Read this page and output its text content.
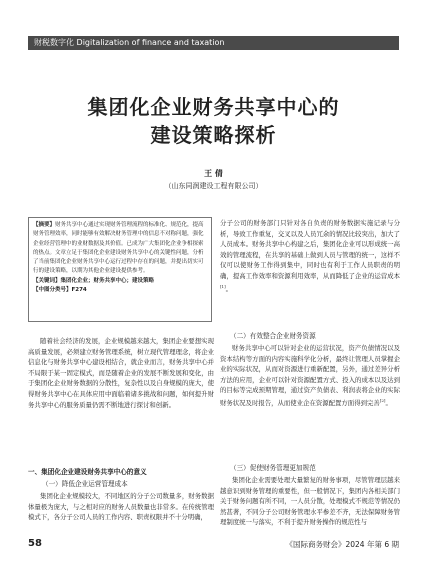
财税数字化 Digitalization of finance and taxation
集团化企业财务共享中心的
建设策略探析
王 倩
（山东同润建设工程有限公司）
【摘要】财务共享中心通过实现财务管理流程的标准化、规范化，提高财务管理效率，同时能够有效解决财务管理中的信息不对称问题，强化企业经营管理中的业财数据及其价值。已成为广大集团化企业争相探索的热点。文章立足于集团化企业建设财务共享中心的关键性问题，分析了当前集团化企业财务共享中心运行过程中存在的问题，并提出切实可行的建设策略，以期为其他企业建设提供参考。
【关键词】集团化企业；财务共享中心；建设策略
【中图分类号】F274
随着社会经济的发展，企业规模越来越大，集团企业要想实现高质量发展，必须建立财务管理系统，树立现代管理理念，将企业信息化与财务共享中心建设相结合，就企业而言，财务共享中心并不局限于某一固定模式，而是随着企业的发展不断发展和变化，由于集团化企业财务数据的分散性，复杂性以及自身规模的庞大，使得财务共享中心在具体应用中面临着诸多挑战和问题，如何提升财务共享中心的服务质量仍需不断地进行探讨和创新。
一、集团化企业建设财务共享中心的意义
（一）降低企业运营管理成本
集团化企业规模较大，不同地区的分子公司数量多，财务数据体量极为庞大，与之相对应的财务人员数量也非常多。在传统管理模式下，各分子公司人员的工作内容、职责权限并不十分明确，
分子公司的财务部门只针对各自负责的财务数据实施记录与分析，导致工作重复，交叉以及人员冗余的情况比较突出，加大了人员成本。财务共享中心构建之后，集团化企业可以形成统一高效的管理流程，在共享的基础上做到人员与管理的统一，这样不仅可以使财务工作得到集中，同时也有利于工作人员职责的明确，提高工作效率和资源利用效率，从而降低了企业的运营成本[1]。
（二）有效整合企业财务资源
财务共享中心可以针对企业的运营状况，资产负债情况以及资本结构等方面的内容实施科学化分析，最终让管理人员掌握企业的实际状况，从而对资源进行重新配置，另外，通过差异分析方法的应用，企业可以针对资源配置方式、投入的成本以及达到的目标等完成预期管理，通过资产负债表、利润表将企业的实际财务状况及时报告，从而使业企在资源配置方面得到完善[2]。
（三）促使财务管理更加规范
集团化企业需要处理大量繁复的财务事项，尽管管理层越来越意识到财务管理的重要性，但一般情况下，集团内各相关部门关于财务问题有所不同，一人员分散，处理模式不规范等情况仍然甚著，不同分子公司财务管理水平参差不齐，无法保障财务管理制度统一与落实，不利于提升财务操作的规范性与
58	《国际商务财会》2024 年第 6 期
